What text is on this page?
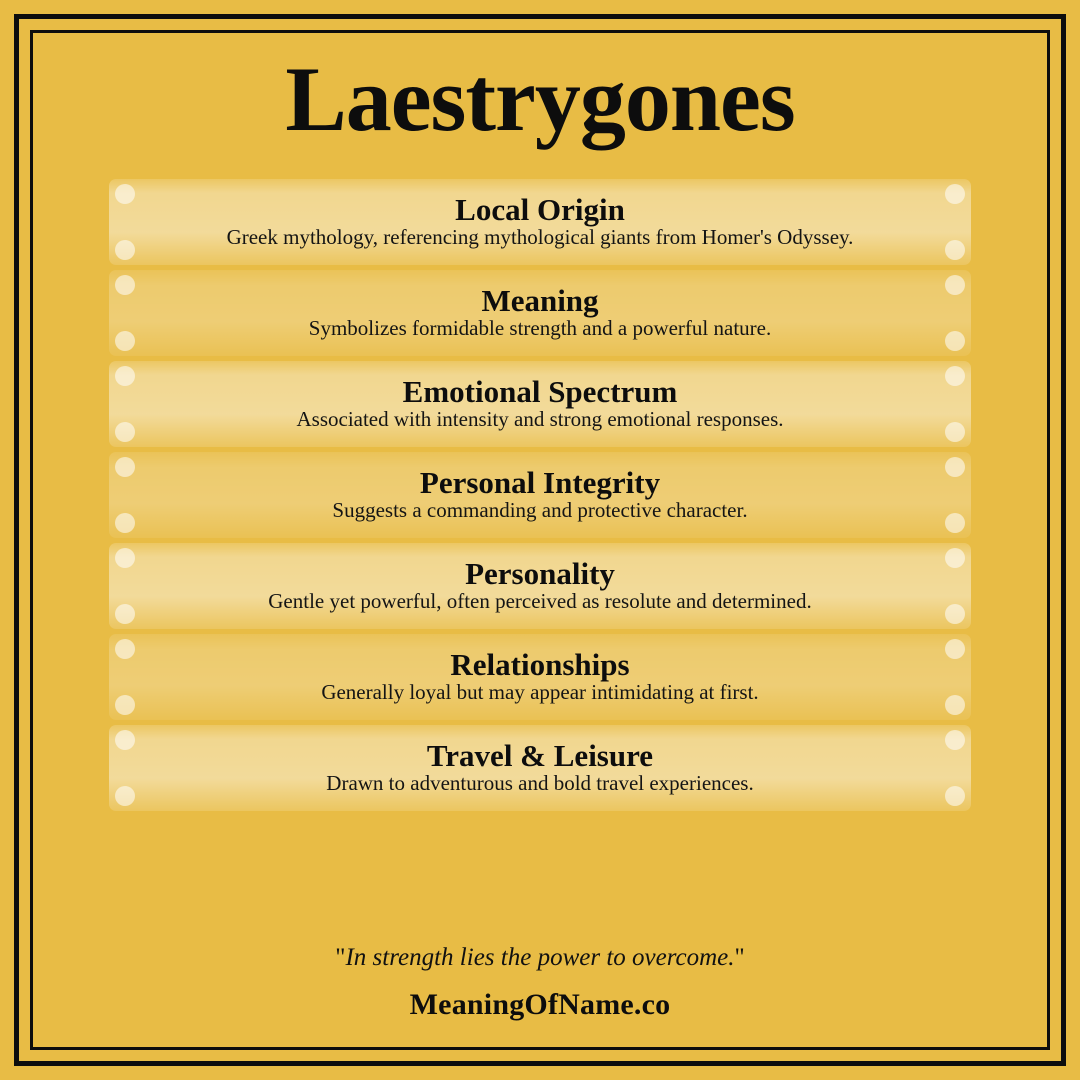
Laestrygones
Local Origin
Greek mythology, referencing mythological giants from Homer's Odyssey.
Meaning
Symbolizes formidable strength and a powerful nature.
Emotional Spectrum
Associated with intensity and strong emotional responses.
Personal Integrity
Suggests a commanding and protective character.
Personality
Gentle yet powerful, often perceived as resolute and determined.
Relationships
Generally loyal but may appear intimidating at first.
Travel & Leisure
Drawn to adventurous and bold travel experiences.
"In strength lies the power to overcome."
MeaningOfName.co
